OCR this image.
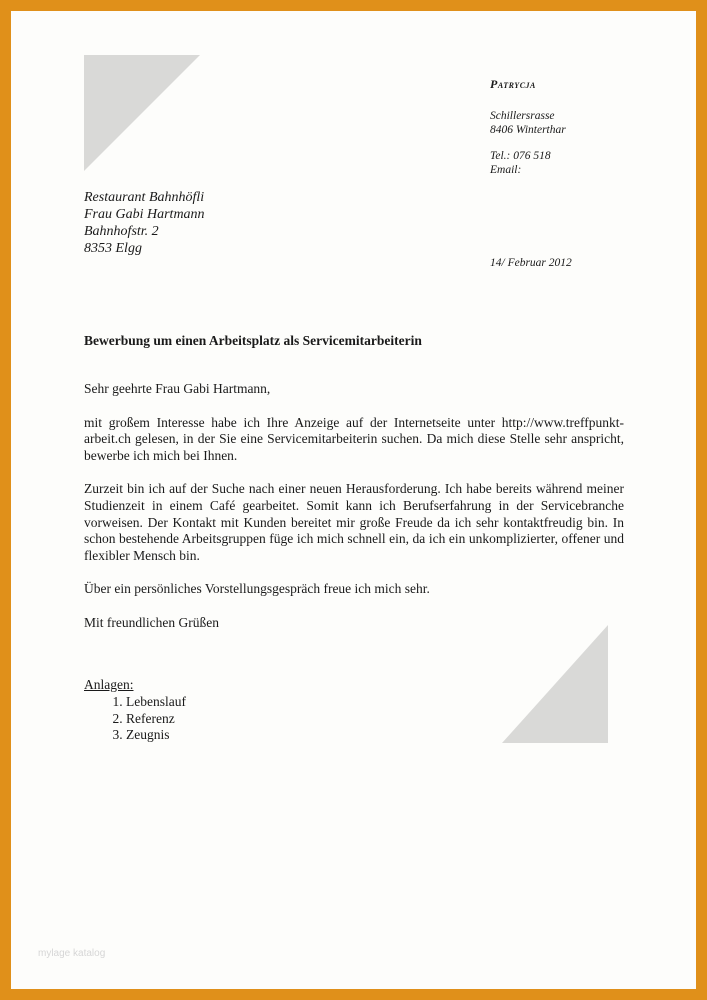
Patrycja
Schillersrasse
8406 Winterthar
Tel.: 076 518
Email:
Restaurant Bahnhöfli
Frau Gabi Hartmann
Bahnhofstr. 2
8353 Elgg
14/ Februar 2012
Bewerbung um einen Arbeitsplatz als Servicemitarbeiterin

Sehr geehrte Frau Gabi Hartmann,

mit großem Interesse habe ich Ihre Anzeige auf der Internetseite unter http://www.treffpunkt-arbeit.ch gelesen, in der Sie eine Servicemitarbeiterin suchen. Da mich diese Stelle sehr anspricht, bewerbe ich mich bei Ihnen.

Zurzeit bin ich auf der Suche nach einer neuen Herausforderung. Ich habe bereits während meiner Studienzeit in einem Café gearbeitet. Somit kann ich Berufserfahrung in der Servicebranche vorweisen. Der Kontakt mit Kunden bereitet mir große Freude da ich sehr kontaktfreudig bin. In schon bestehende Arbeitsgruppen füge ich mich schnell ein, da ich ein unkomplizierter, offener und flexibler Mensch bin.

Über ein persönliches Vorstellungsgespräch freue ich mich sehr.

Mit freundlichen Grüßen

Anlagen:
1. Lebenslauf
2. Referenz
3. Zeugnis
mylage katalog
